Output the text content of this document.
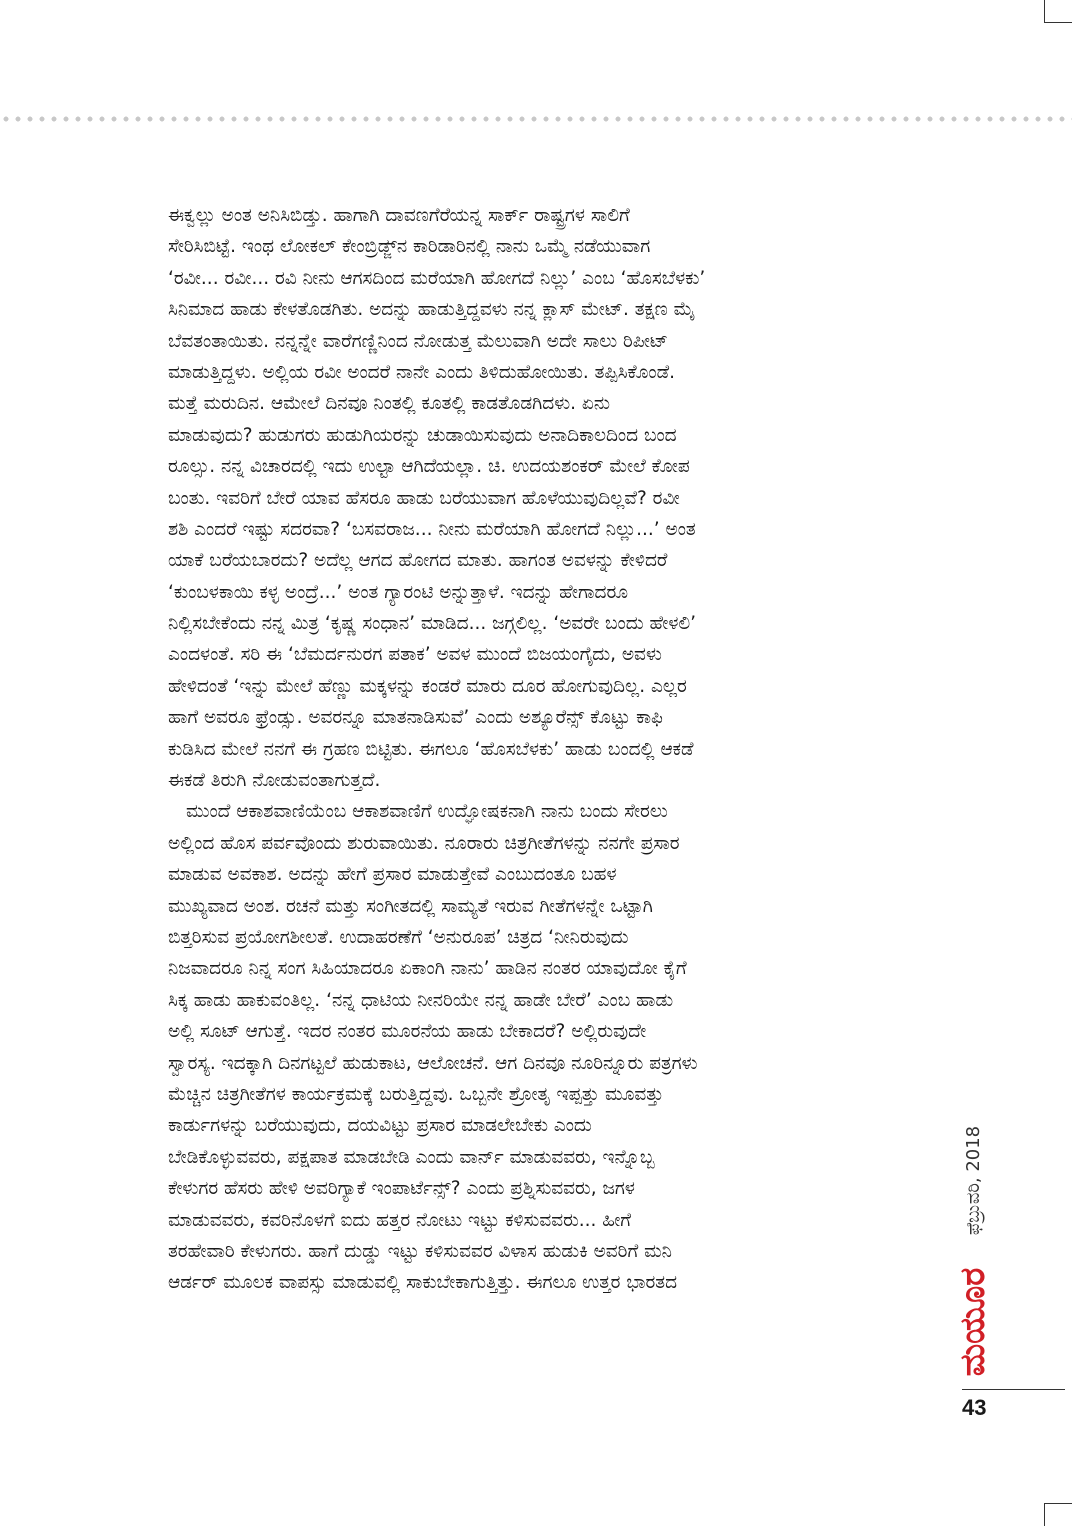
ಈಕ್ವಲ್ಲು ಅಂತ ಅನಿಸಿಬಿಡ್ತು. ಹಾಗಾಗಿ ದಾವಣಗೆರೆಯನ್ನ ಸಾರ್ಕ್ ರಾಷ್ಟ್ರಗಳ ಸಾಲಿಗೆ
ಸೇರಿಸಿಬಿಟ್ಟೆ. ಇಂಥ ಲೋಕಲ್ ಕೇಂಬ್ರಿಡ್ಜ್‌ನ ಕಾರಿಡಾರಿನಲ್ಲಿ ನಾನು ಒಮ್ಮೆ ನಡೆಯುವಾಗ
‘ರವೀ... ರವೀ... ರವಿ ನೀನು ಆಗಸದಿಂದ ಮರೆಯಾಗಿ ಹೋಗದೆ ನಿಲ್ಲು’ ಎಂಬ ‘ಹೊಸಬೆಳಕು’
ಸಿನಿಮಾದ ಹಾಡು ಕೇಳತೊಡಗಿತು. ಅದನ್ನು ಹಾಡುತ್ತಿದ್ದವಳು ನನ್ನ ಕ್ಲಾಸ್ ಮೇಟ್. ತಕ್ಷಣ ಮೈ
ಬೆವತಂತಾಯಿತು. ನನ್ನನ್ನೇ ವಾರೆಗಣ್ಣಿನಿಂದ ನೋಡುತ್ತ ಮೆಲುವಾಗಿ ಅದೇ ಸಾಲು ರಿಪೀಟ್
ಮಾಡುತ್ತಿದ್ದಳು. ಅಲ್ಲಿಯ ರವೀ ಅಂದರೆ ನಾನೇ ಎಂದು ತಿಳಿದುಹೋಯಿತು. ತಪ್ಪಿಸಿಕೊಂಡೆ.
ಮತ್ತೆ ಮರುದಿನ. ಆಮೇಲೆ ದಿನವೂ ನಿಂತಲ್ಲಿ ಕೂತಲ್ಲಿ ಕಾಡತೊಡಗಿದಳು. ಏನು
ಮಾಡುವುದು? ಹುಡುಗರು ಹುಡುಗಿಯರನ್ನು ಚುಡಾಯಿಸುವುದು ಅನಾದಿಕಾಲದಿಂದ ಬಂದ
ರೂಲ್ಸು. ನನ್ನ ವಿಚಾರದಲ್ಲಿ ಇದು ಉಲ್ಟಾ ಆಗಿದೆಯಲ್ಲಾ. ಚಿ. ಉದಯಶಂಕರ್ ಮೇಲೆ ಕೋಪ
ಬಂತು. ಇವರಿಗೆ ಬೇರೆ ಯಾವ ಹೆಸರೂ ಹಾಡು ಬರೆಯುವಾಗ ಹೊಳೆಯುವುದಿಲ್ಲವೆ? ರವೀ
ಶಶಿ ಎಂದರೆ ಇಷ್ಟು ಸದರವಾ? ‘ಬಸವರಾಜ... ನೀನು ಮರೆಯಾಗಿ ಹೋಗದೆ ನಿಲ್ಲು...’ ಅಂತ
ಯಾಕೆ ಬರೆಯಬಾರದು? ಅದೆಲ್ಲ ಆಗದ ಹೋಗದ ಮಾತು. ಹಾಗಂತ ಅವಳನ್ನು ಕೇಳಿದರೆ
‘ಕುಂಬಳಕಾಯಿ ಕಳ್ಳ ಅಂದ್ರೆ...’ ಅಂತ ಗ್ಯಾರಂಟಿ ಅನ್ನುತ್ತಾಳೆ. ಇದನ್ನು ಹೇಗಾದರೂ
ನಿಲ್ಲಿಸಬೇಕೆಂದು ನನ್ನ ಮಿತ್ರ ‘ಕೃಷ್ಣ ಸಂಧಾನ’ ಮಾಡಿದ... ಜಗ್ಗಲಿಲ್ಲ. ‘ಅವರೇ ಬಂದು ಹೇಳಲಿ’
ಎಂದಳಂತೆ. ಸರಿ ಈ ‘ಬೆಮರ್ದನುರಗ ಪತಾಕ’ ಅವಳ ಮುಂದೆ ಬಿಜಯಂಗೈದು, ಅವಳು
ಹೇಳಿದಂತೆ ‘ಇನ್ನು ಮೇಲೆ ಹೆಣ್ಣು ಮಕ್ಕಳನ್ನು ಕಂಡರೆ ಮಾರು ದೂರ ಹೋಗುವುದಿಲ್ಲ. ಎಲ್ಲರ
ಹಾಗೆ ಅವರೂ ಫ್ರೆಂಡ್ಸು. ಅವರನ್ನೂ ಮಾತನಾಡಿಸುವೆ’ ಎಂದು ಅಶ್ಯೂರೆನ್ಸ್ ಕೊಟ್ಟು ಕಾಫಿ
ಕುಡಿಸಿದ ಮೇಲೆ ನನಗೆ ಈ ಗ್ರಹಣ ಬಿಟ್ಟಿತು. ಈಗಲೂ ‘ಹೊಸಬೆಳಕು’ ಹಾಡು ಬಂದಲ್ಲಿ ಆಕಡೆ
ಈಕಡೆ ತಿರುಗಿ ನೋಡುವಂತಾಗುತ್ತದೆ.
ಮುಂದೆ ಆಕಾಶವಾಣಿಯೆಂಬ ಆಕಾಶವಾಣಿಗೆ ಉದ್ಘೋಷಕನಾಗಿ ನಾನು ಬಂದು ಸೇರಲು
ಅಲ್ಲಿಂದ ಹೊಸ ಪರ್ವವೊಂದು ಶುರುವಾಯಿತು. ನೂರಾರು ಚಿತ್ರಗೀತೆಗಳನ್ನು ನನಗೇ ಪ್ರಸಾರ
ಮಾಡುವ ಅವಕಾಶ. ಅದನ್ನು ಹೇಗೆ ಪ್ರಸಾರ ಮಾಡುತ್ತೇವೆ ಎಂಬುದಂತೂ ಬಹಳ
ಮುಖ್ಯವಾದ ಅಂಶ. ರಚನೆ ಮತ್ತು ಸಂಗೀತದಲ್ಲಿ ಸಾಮ್ಯತೆ ಇರುವ ಗೀತೆಗಳನ್ನೇ ಒಟ್ಟಾಗಿ
ಬಿತ್ತರಿಸುವ ಪ್ರಯೋಗಶೀಲತೆ. ಉದಾಹರಣೆಗೆ ‘ಅನುರೂಪ’ ಚಿತ್ರದ ‘ನೀನಿರುವುದು
ನಿಜವಾದರೂ ನಿನ್ನ ಸಂಗ ಸಿಹಿಯಾದರೂ ಏಕಾಂಗಿ ನಾನು’ ಹಾಡಿನ ನಂತರ ಯಾವುದೋ ಕೈಗೆ
ಸಿಕ್ಕ ಹಾಡು ಹಾಕುವಂತಿಲ್ಲ. ‘ನನ್ನ ಧಾಟಿಯ ನೀನರಿಯೇ ನನ್ನ ಹಾಡೇ ಬೇರೆ’ ಎಂಬ ಹಾಡು
ಅಲ್ಲಿ ಸೂಟ್ ಆಗುತ್ತೆ. ಇದರ ನಂತರ ಮೂರನೆಯ ಹಾಡು ಬೇಕಾದರೆ? ಅಲ್ಲಿರುವುದೇ
ಸ್ವಾರಸ್ಯ. ಇದಕ್ಕಾಗಿ ದಿನಗಟ್ಟಲೆ ಹುಡುಕಾಟ, ಆಲೋಚನೆ. ಆಗ ದಿನವೂ ನೂರಿನ್ನೂರು ಪತ್ರಗಳು
ಮೆಚ್ಚಿನ ಚಿತ್ರಗೀತೆಗಳ ಕಾರ್ಯಕ್ರಮಕ್ಕೆ ಬರುತ್ತಿದ್ದವು. ಒಬ್ಬನೇ ಶ್ರೋತೃ ಇಪ್ಪತ್ತು ಮೂವತ್ತು
ಕಾರ್ಡುಗಳನ್ನು ಬರೆಯುವುದು, ದಯವಿಟ್ಟು ಪ್ರಸಾರ ಮಾಡಲೇಬೇಕು ಎಂದು
ಬೇಡಿಕೊಳ್ಳುವವರು, ಪಕ್ಷಪಾತ ಮಾಡಬೇಡಿ ಎಂದು ವಾರ್ನ್ ಮಾಡುವವರು, ಇನ್ನೊಬ್ಬ
ಕೇಳುಗರ ಹೆಸರು ಹೇಳಿ ಅವರಿಗ್ಯಾಕೆ ಇಂಪಾರ್ಟೆನ್ಸ್? ಎಂದು ಪ್ರಶ್ನಿಸುವವರು, ಜಗಳ
ಮಾಡುವವರು, ಕವರಿನೊಳಗೆ ಐದು ಹತ್ತರ ನೋಟು ಇಟ್ಟು ಕಳಿಸುವವರು... ಹೀಗೆ
ತರಹೇವಾರಿ ಕೇಳುಗರು. ಹಾಗೆ ದುಡ್ಡು ಇಟ್ಟು ಕಳಿಸುವವರ ವಿಳಾಸ ಹುಡುಕಿ ಅವರಿಗೆ ಮನಿ
ಆರ್ಡರ್ ಮೂಲಕ ವಾಪಸ್ಸು ಮಾಡುವಲ್ಲಿ ಸಾಕುಬೇಕಾಗುತ್ತಿತ್ತು. ಈಗಲೂ ಉತ್ತರ ಭಾರತದ
ಫೆಬ್ರುವರಿ, 2018
ಮಯೂರ
43
